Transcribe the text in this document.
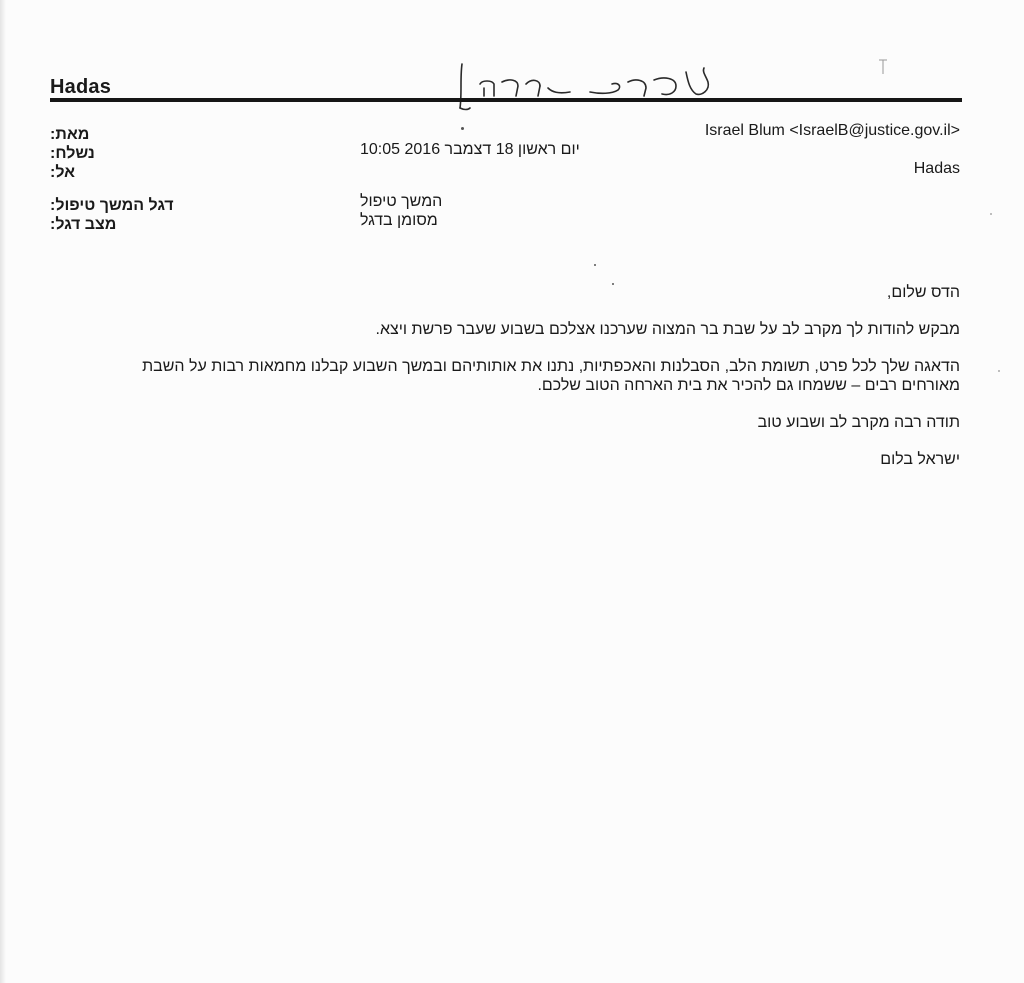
Hadas
מאת:
נשלח:
אל:
דגל המשך טיפול:
מצב דגל:
Israel Blum <IsraelB@justice.gov.il>
יום ראשון 18 דצמבר 2016 10:05
Hadas
המשך טיפול
מסומן בדגל

הדס שלום,

מבקש להודות לך מקרב לב על שבת בר המצוה שערכנו אצלכם בשבוע שעבר פרשת ויצא.

הדאגה שלך לכל פרט, תשומת הלב, הסבלנות והאכפתיות, נתנו את אותותיהם ובמשך השבוע קבלנו מחמאות רבות על השבת מאורחים רבים – ששמחו גם להכיר את בית הארחה הטוב שלכם.

תודה רבה מקרב לב ושבוע טוב

ישראל בלום
